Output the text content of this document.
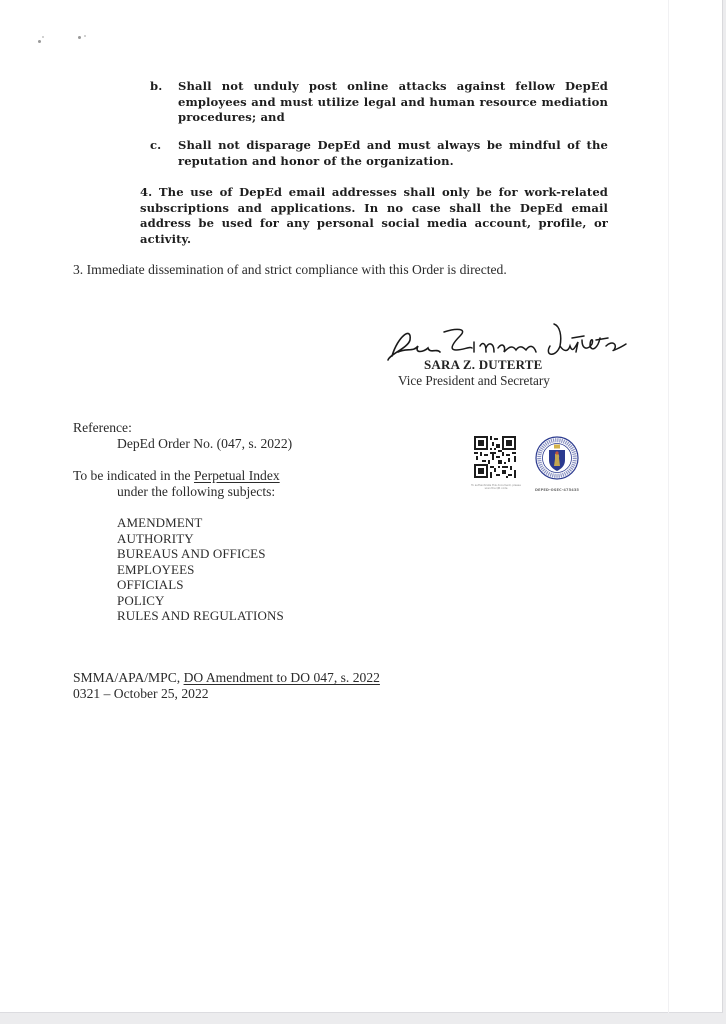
b. Shall not unduly post online attacks against fellow DepEd employees and must utilize legal and human resource mediation procedures; and
c. Shall not disparage DepEd and must always be mindful of the reputation and honor of the organization.
4. The use of DepEd email addresses shall only be for work-related subscriptions and applications. In no case shall the DepEd email address be used for any personal social media account, profile, or activity.
3. Immediate dissemination of and strict compliance with this Order is directed.
SARA Z. DUTERTE
Vice President and Secretary
Reference:
DepEd Order No. (047, s. 2022)
To be indicated in the Perpetual Index
under the following subjects:
AMENDMENT
AUTHORITY
BUREAUS AND OFFICES
EMPLOYEES
OFFICIALS
POLICY
RULES AND REGULATIONS
To authenticate this document, please scan the QR code	DEPED-OSEC-475435
SMMA/APA/MPC, DO Amendment to DO 047, s. 2022
0321 – October 25, 2022
